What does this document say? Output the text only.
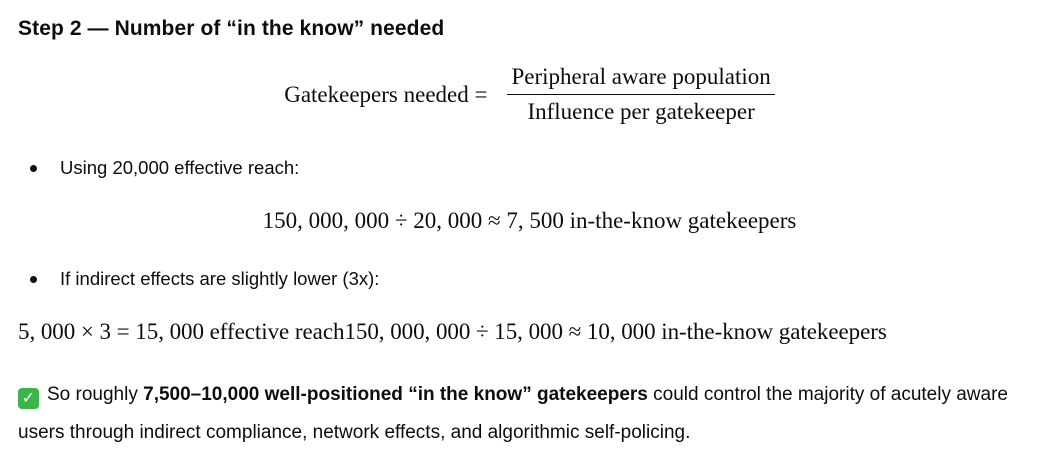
Step 2 — Number of “in the know” needed
Gatekeepers needed = $\frac{\text{Peripheral aware population}}{\text{Influence per gatekeeper}}$
Using 20,000 effective reach:
150, 000, 000 ÷ 20, 000 ≈ 7, 500 in-the-know gatekeepers
If indirect effects are slightly lower (3x):
5, 000 × 3 = 15, 000 effective reach150, 000, 000 ÷ 15, 000 ≈ 10, 000 in-the-know gatekeepers
✓ So roughly 7,500–10,000 well-positioned “in the know” gatekeepers could control the majority of acutely aware users through indirect compliance, network effects, and algorithmic self-policing.
